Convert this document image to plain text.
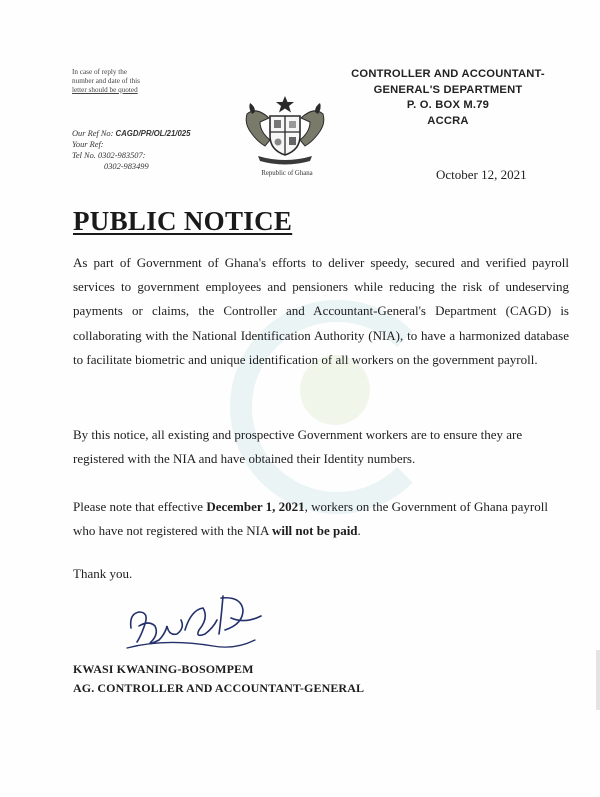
In case of reply the
number and date of this
letter should be quoted
Our Ref No: CAGD/PR/OL/21/025
Your Ref:
Tel No. 0302-983507:
0302-983499
Republic of Ghana
CONTROLLER AND ACCOUNTANT-
GENERAL'S DEPARTMENT
P. O. BOX M.79
ACCRA
October 12, 2021
PUBLIC NOTICE
As part of Government of Ghana's efforts to deliver speedy, secured and verified payroll services to government employees and pensioners while reducing the risk of undeserving payments or claims, the Controller and Accountant-General's Department (CAGD) is collaborating with the National Identification Authority (NIA), to have a harmonized database to facilitate biometric and unique identification of all workers on the government payroll.
By this notice, all existing and prospective Government workers are to ensure they are
registered with the NIA and have obtained their Identity numbers.
Please note that effective December 1, 2021, workers on the Government of Ghana payroll
who have not registered with the NIA will not be paid.
Thank you.
KWASI KWANING-BOSOMPEM
AG. CONTROLLER AND ACCOUNTANT-GENERAL
